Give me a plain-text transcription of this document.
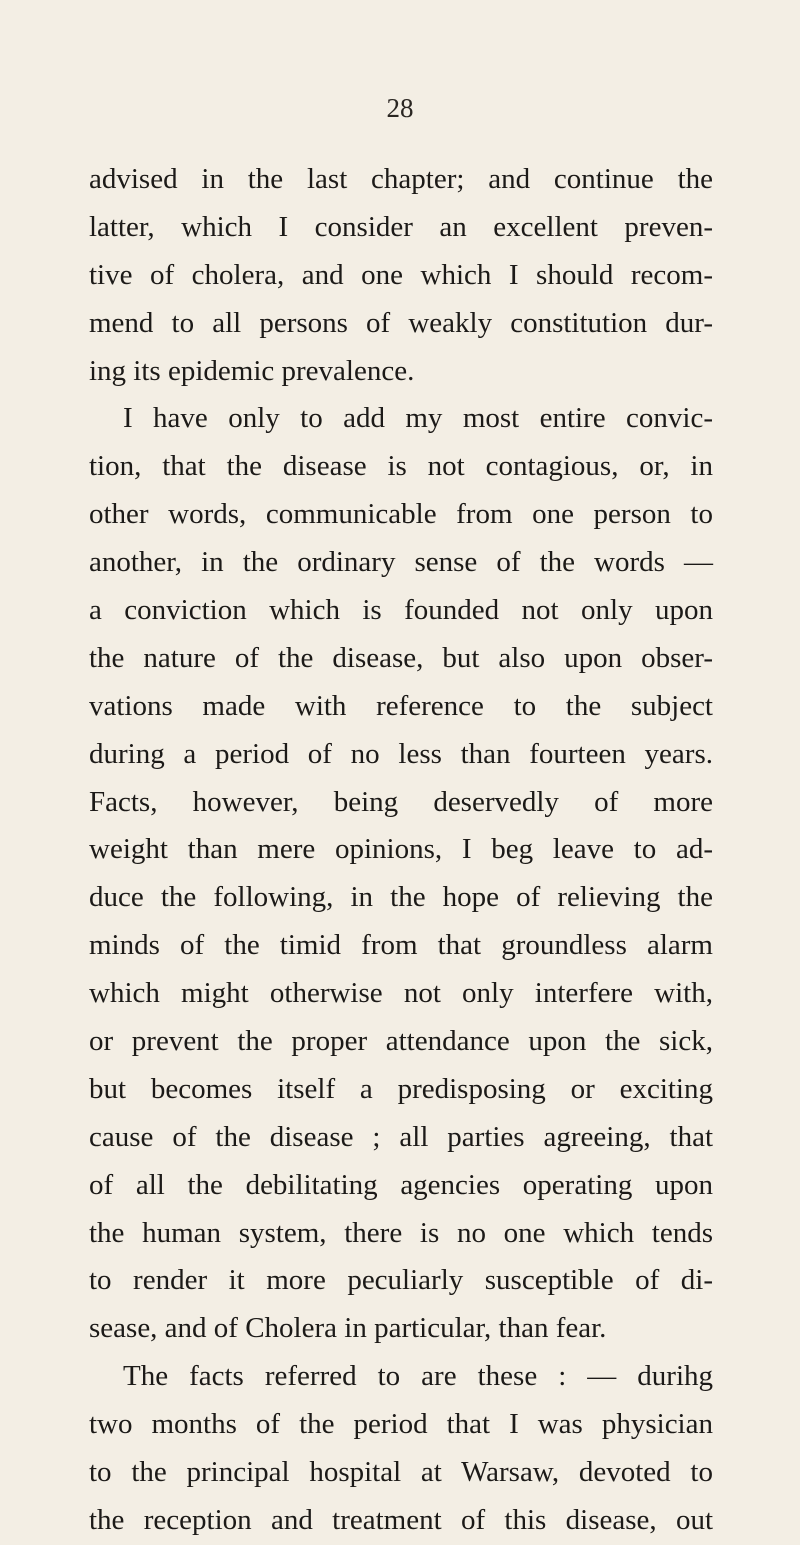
28
advised in the last chapter; and continue the
latter, which I consider an excellent preven-
tive of cholera, and one which I should recom-
mend to all persons of weakly constitution dur-
ing its epidemic prevalence.
I have only to add my most entire convic-
tion, that the disease is not contagious, or, in
other words, communicable from one person to
another, in the ordinary sense of the words —
a conviction which is founded not only upon
the nature of the disease, but also upon obser-
vations made with reference to the subject
during a period of no less than fourteen years.
Facts, however, being deservedly of more
weight than mere opinions, I beg leave to ad-
duce the following, in the hope of relieving the
minds of the timid from that groundless alarm
which might otherwise not only interfere with,
or prevent the proper attendance upon the sick,
but becomes itself a predisposing or exciting
cause of the disease ; all parties agreeing, that
of all the debilitating agencies operating upon
the human system, there is no one which tends
to render it more peculiarly susceptible of di-
sease, and of Cholera in particular, than fear.
The facts referred to are these : — durihg
two months of the period that I was physician
to the principal hospital at Warsaw, devoted to
the reception and treatment of this disease, out
